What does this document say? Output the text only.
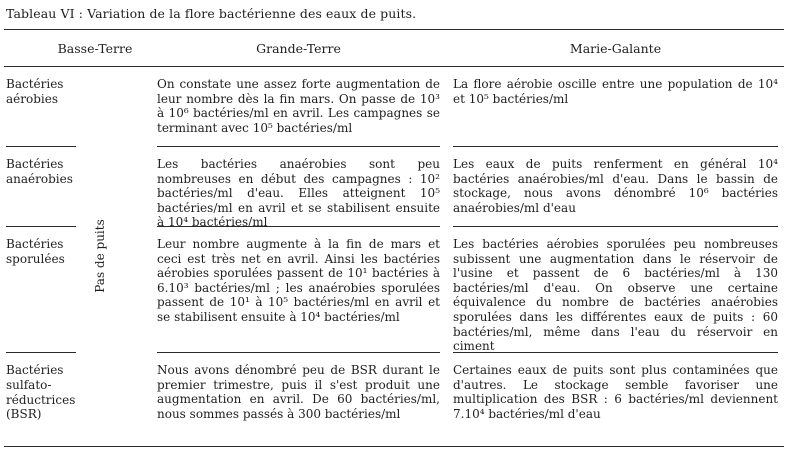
Tableau VI : Variation de la flore bactérienne des eaux de puits.
Basse-Terre	Grande-Terre	Marie-Galante
Pas de puits
Bactéries
aérobies
On constate une assez forte augmentation de leur nombre dès la fin mars. On passe de 10³ à 10⁶ bactéries/ml en avril. Les campagnes se terminant avec 10⁵ bactéries/ml
La flore aérobie oscille entre une population de 10⁴ et 10⁵ bactéries/ml
Bactéries
anaérobies
Les bactéries anaérobies sont peu nombreuses en début des campagnes : 10² bactéries/ml d'eau. Elles atteignent 10⁵ bactéries/ml en avril et se stabilisent ensuite à 10⁴ bactéries/ml
Les eaux de puits renferment en général 10⁴ bactéries anaérobies/ml d'eau. Dans le bassin de stockage, nous avons dénombré 10⁶ bactéries anaérobies/ml d'eau
Bactéries
sporulées
Leur nombre augmente à la fin de mars et ceci est très net en avril. Ainsi les bactéries aérobies sporulées passent de 10¹ bactéries à 6.10³ bactéries/ml ; les anaérobies sporulées passent de 10¹ à 10⁵ bactéries/ml en avril et se stabilisent ensuite à 10⁴ bactéries/ml
Les bactéries aérobies sporulées peu nombreuses subissent une augmentation dans le réservoir de l'usine et passent de 6 bactéries/ml à 130 bactéries/ml d'eau. On observe une certaine équivalence du nombre de bactéries anaérobies sporulées dans les différentes eaux de puits : 60 bactéries/ml, même dans l'eau du réservoir en ciment
Bactéries
sulfato-
réductrices
(BSR)
Nous avons dénombré peu de BSR durant le premier trimestre, puis il s'est produit une augmentation en avril. De 60 bactéries/ml, nous sommes passés à 300 bactéries/ml
Certaines eaux de puits sont plus contaminées que d'autres. Le stockage semble favoriser une multiplication des BSR : 6 bactéries/ml deviennent 7.10⁴ bactéries/ml d'eau
